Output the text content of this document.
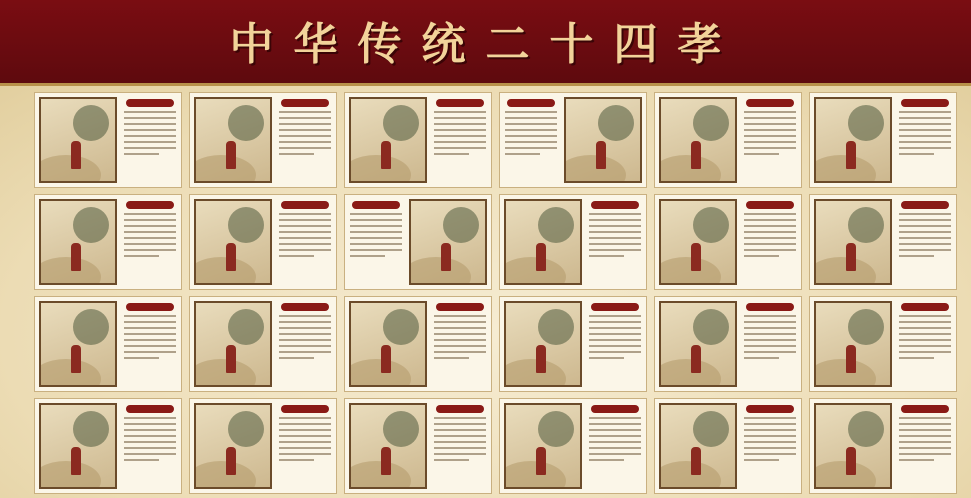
中华传统二十四孝
